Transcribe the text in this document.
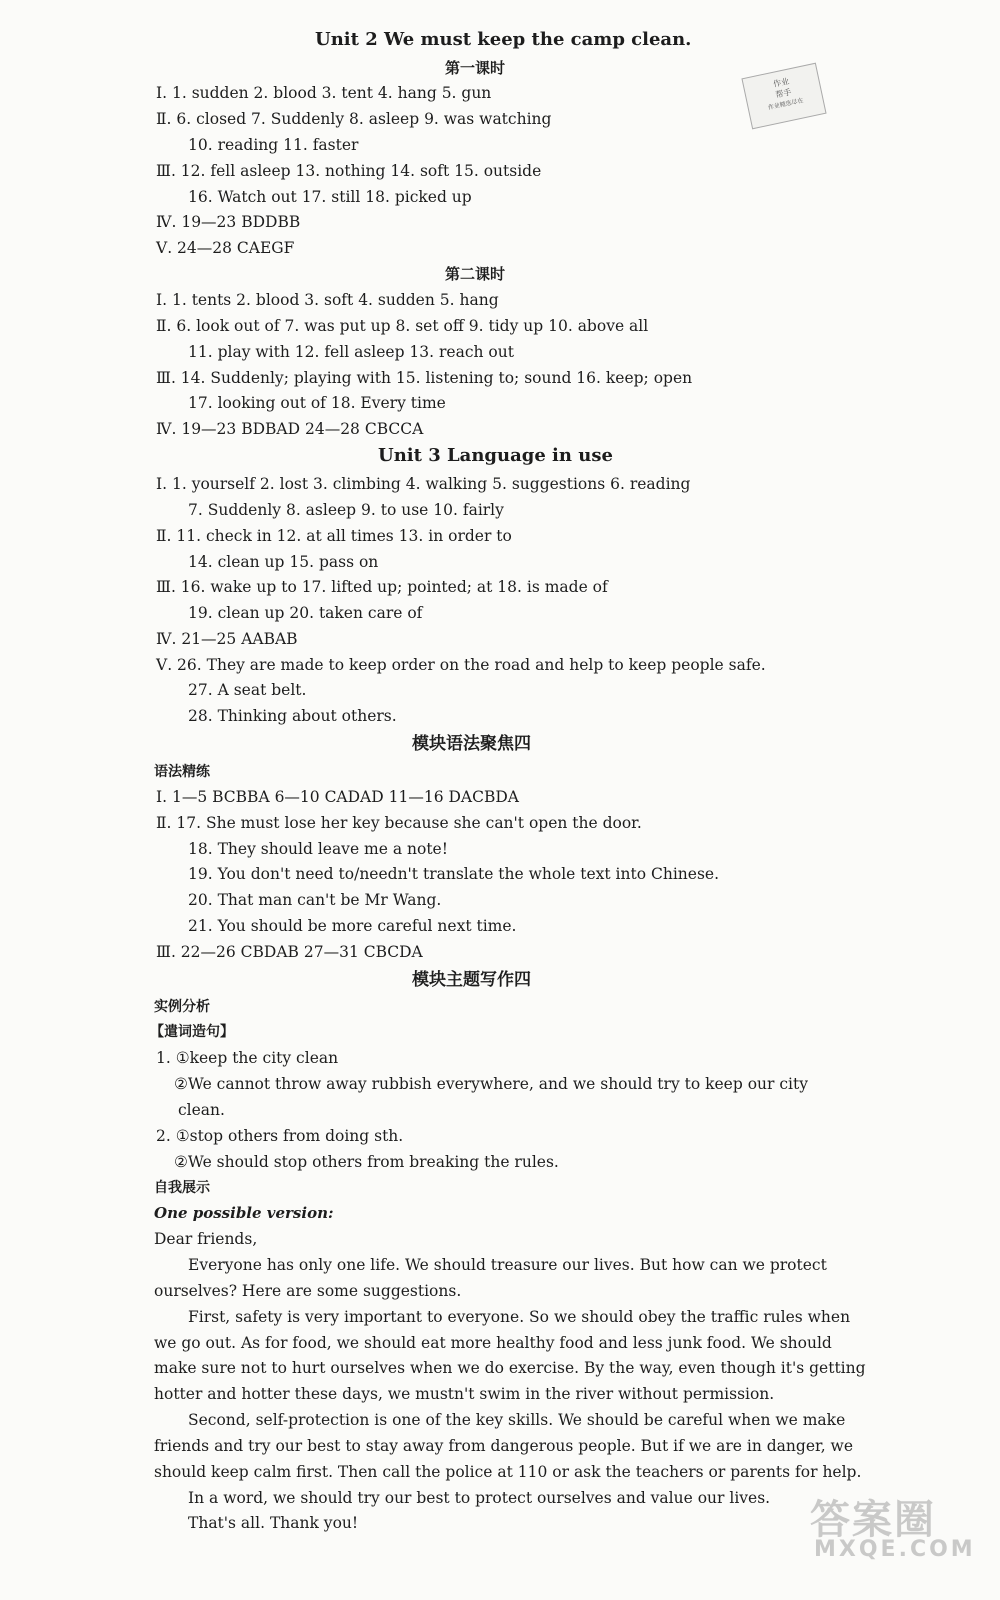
Unit 2 We must keep the camp clean.
第一课时
Ⅰ. 1. sudden 2. blood 3. tent 4. hang 5. gun
Ⅱ. 6. closed 7. Suddenly 8. asleep 9. was watching
10. reading 11. faster
Ⅲ. 12. fell asleep 13. nothing 14. soft 15. outside
16. Watch out 17. still 18. picked up
Ⅳ. 19—23 BDDBB
Ⅴ. 24—28 CAEGF
作业
帮手
作业精选尽在
第二课时
Ⅰ. 1. tents 2. blood 3. soft 4. sudden 5. hang
Ⅱ. 6. look out of 7. was put up 8. set off 9. tidy up 10. above all
11. play with 12. fell asleep 13. reach out
Ⅲ. 14. Suddenly; playing with 15. listening to; sound 16. keep; open
17. looking out of 18. Every time
Ⅳ. 19—23 BDBAD 24—28 CBCCA
Unit 3 Language in use
Ⅰ. 1. yourself 2. lost 3. climbing 4. walking 5. suggestions 6. reading
7. Suddenly 8. asleep 9. to use 10. fairly
Ⅱ. 11. check in 12. at all times 13. in order to
14. clean up 15. pass on
Ⅲ. 16. wake up to 17. lifted up; pointed; at 18. is made of
19. clean up 20. taken care of
Ⅳ. 21—25 AABAB
Ⅴ. 26. They are made to keep order on the road and help to keep people safe.
27. A seat belt.
28. Thinking about others.
模块语法聚焦四
语法精练
Ⅰ. 1—5 BCBBA 6—10 CADAD 11—16 DACBDA
Ⅱ. 17. She must lose her key because she can't open the door.
18. They should leave me a note!
19. You don't need to/needn't translate the whole text into Chinese.
20. That man can't be Mr Wang.
21. You should be more careful next time.
Ⅲ. 22—26 CBDAB 27—31 CBCDA
模块主题写作四
实例分析
【遣词造句】
1. ①keep the city clean
②We cannot throw away rubbish everywhere, and we should try to keep our city
clean.
2. ①stop others from doing sth.
②We should stop others from breaking the rules.
自我展示
One possible version:
Dear friends,
Everyone has only one life. We should treasure our lives. But how can we protect
ourselves? Here are some suggestions.
First, safety is very important to everyone. So we should obey the traffic rules when
we go out. As for food, we should eat more healthy food and less junk food. We should
make sure not to hurt ourselves when we do exercise. By the way, even though it's getting
hotter and hotter these days, we mustn't swim in the river without permission.
Second, self-protection is one of the key skills. We should be careful when we make
friends and try our best to stay away from dangerous people. But if we are in danger, we
should keep calm first. Then call the police at 110 or ask the teachers or parents for help.
In a word, we should try our best to protect ourselves and value our lives.
That's all. Thank you!	答案圈
MXQE.COM
